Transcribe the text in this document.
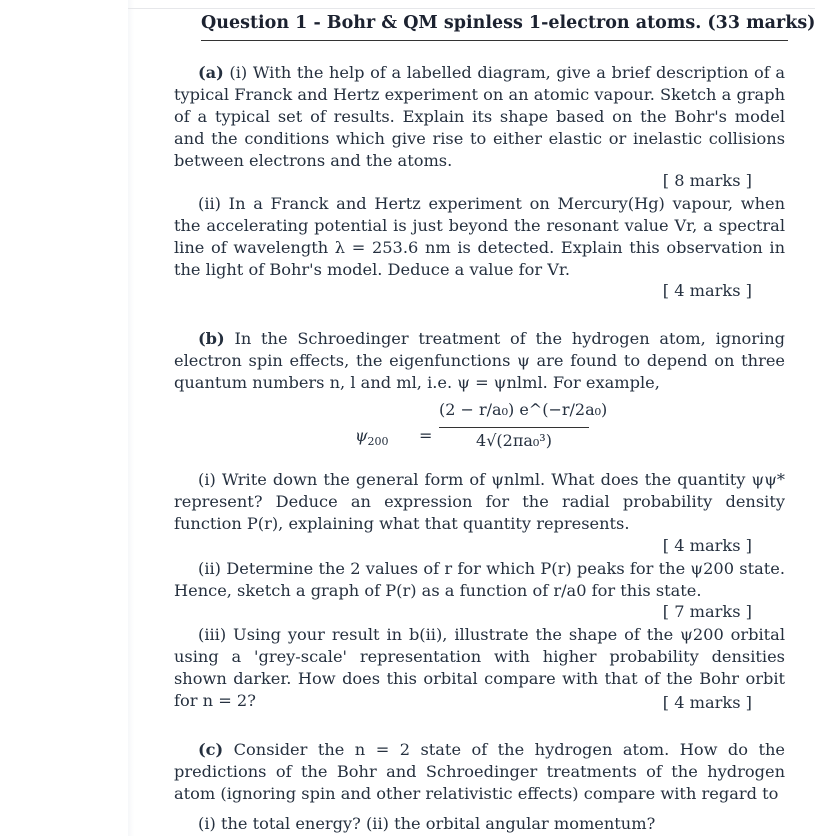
Question 1 - Bohr & QM spinless 1-electron atoms. (33 marks)
(a) (i) With the help of a labelled diagram, give a brief description of a typical Franck and Hertz experiment on an atomic vapour. Sketch a graph of a typical set of results. Explain its shape based on the Bohr's model and the conditions which give rise to either elastic or inelastic collisions between electrons and the atoms.
[ 8 marks ]
(ii) In a Franck and Hertz experiment on Mercury(Hg) vapour, when the accelerating potential is just beyond the resonant value Vr, a spectral line of wavelength λ = 253.6 nm is detected. Explain this observation in the light of Bohr's model. Deduce a value for Vr.
[ 4 marks ]
(b) In the Schroedinger treatment of the hydrogen atom, ignoring electron spin effects, the eigenfunctions ψ are found to depend on three quantum numbers n, l and ml, i.e. ψ = ψnlml. For example,
$\psi_{200}$ =
(2 − r/a₀) e^(−r/2a₀)
4√(2πa₀³)
(i) Write down the general form of ψnlml. What does the quantity ψψ* represent? Deduce an expression for the radial probability density function P(r), explaining what that quantity represents.
[ 4 marks ]
(ii) Determine the 2 values of r for which P(r) peaks for the ψ200 state. Hence, sketch a graph of P(r) as a function of r/a0 for this state.
[ 7 marks ]
(iii) Using your result in b(ii), illustrate the shape of the ψ200 orbital using a 'grey-scale' representation with higher probability densities shown darker. How does this orbital compare with that of the Bohr orbit for n = 2?	[ 4 marks ]
(c) Consider the n = 2 state of the hydrogen atom. How do the predictions of the Bohr and Schroedinger treatments of the hydrogen atom (ignoring spin and other relativistic effects) compare with regard to
(i) the total energy? (ii) the orbital angular momentum?
